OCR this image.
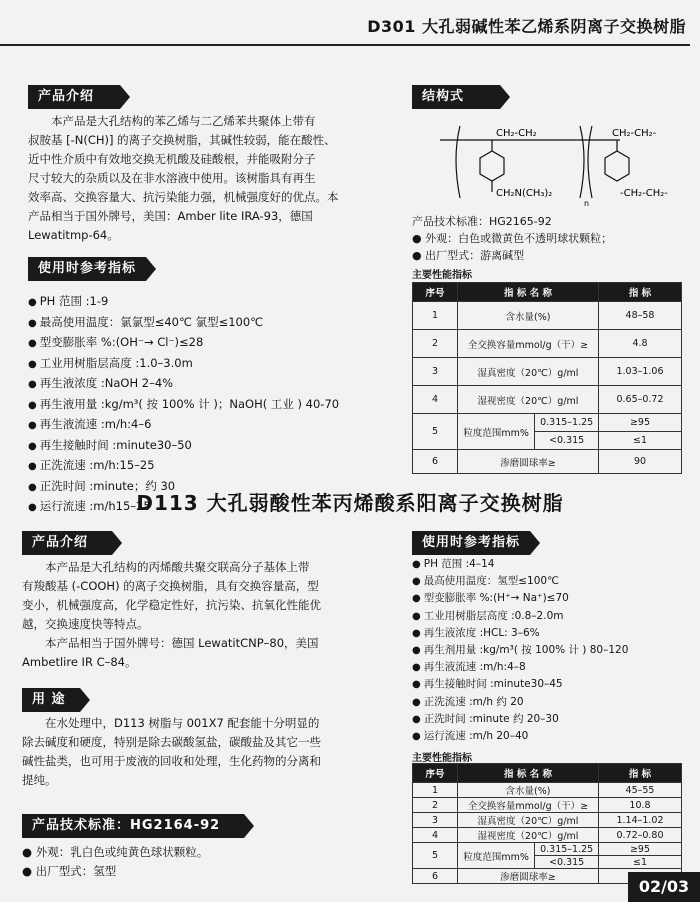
D301 大孔弱碱性苯乙烯系阴离子交换树脂
产品介绍

本产品是大孔结构的苯乙烯与二乙烯苯共聚体上带有

叔胺基 [-N(CH)] 的离子交换树脂，其碱性较弱，能在酸性、

近中性介质中有效地交换无机酸及硅酸根，并能吸附分子

尺寸较大的杂质以及在非水溶液中使用。该树脂具有再生

效率高、交换容量大、抗污染能力强，机械强度好的优点。本

产品相当于国外牌号，美国：Amber lite IRA-93，德国

Lewatitmp-64。

使用时参考指标
● PH 范围 :1-9
● 最高使用温度：氯氯型≤40℃ 氯型≤100℃
● 型变膨胀率 %:(OH⁻→ Cl⁻)≤28
● 工业用树脂层高度 :1.0–3.0m
● 再生液浓度 :NaOH 2–4%
● 再生液用量 :kg/m³( 按 100% 计 )；NaOH( 工业 ) 40-70
● 再生液流速 :m/h:4–6
● 再生接触时间 :minute30–50
● 正洗流速 :m/h:15–25
● 正洗时间 :minute；约 30
● 运行流速 :m/h15–25
结构式
CH₂-CH₂	CH₂-CH₂-
CH₂N(CH₃)₂
n
-CH₂-CH₂-
产品技术标准：HG2165-92
● 外观：白色或微黄色不透明球状颗粒；
● 出厂型式：游离碱型
主要性能指标
序号	指 标 名 称		指 标
1	含水量(%)		48–58
2	全交换容量mmol/g（干）≥		4.8
3	湿真密度（20℃）g/ml		1.03–1.06
4	湿视密度（20℃）g/ml		0.65–0.72
5	粒度范围mm%	0.315–1.25	≥95
		<0.315	≤1
6	渗磨圆球率≥		90
D113 大孔弱酸性苯丙烯酸系阳离子交换树脂
产品介绍

本产品是大孔结构的丙烯酸共聚交联高分子基体上带

有羧酸基 (-COOH) 的离子交换树脂，具有交换容量高，型

变小，机械强度高，化学稳定性好，抗污染、抗氧化性能优

越，交换速度快等特点。

本产品相当于国外牌号：德国 LewatitCNP–80，美国

Ambetlire IR C–84。

用 途

在水处理中，D113 树脂与 001X7 配套能十分明显的

除去碱度和硬度，特别是除去碳酸氢盐，碳酸盐及其它一些

碱性盐类，也可用于废液的回收和处理，生化药物的分离和

提纯。

产品技术标准：HG2164-92
● 外观：乳白色或纯黄色球状颗粒。
● 出厂型式：氢型
使用时参考指标
● PH 范围 :4–14
● 最高使用温度：氢型≤100℃
● 型变膨胀率 %:(H⁺→ Na⁺)≤70
● 工业用树脂层高度 :0.8–2.0m
● 再生液浓度 :HCL: 3–6%
● 再生剂用量 :kg/m³( 按 100% 计 ) 80–120
● 再生液流速 :m/h:4–8
● 再生接触时间 :minute30–45
● 正洗流速 :m/h 约 20
● 正洗时间 :minute 约 20–30
● 运行流速 :m/h 20–40
主要性能指标
序号	指 标 名 称		指 标
1	含水量(%)		45–55
2	全交换容量mmol/g（干）≥		10.8
3	湿真密度（20℃）g/ml		1.14–1.02
4	湿视密度（20℃）g/ml		0.72–0.80
5	粒度范围mm%	0.315–1.25	≥95
		<0.315	≤1
6	渗磨圆球率≥		02/03
